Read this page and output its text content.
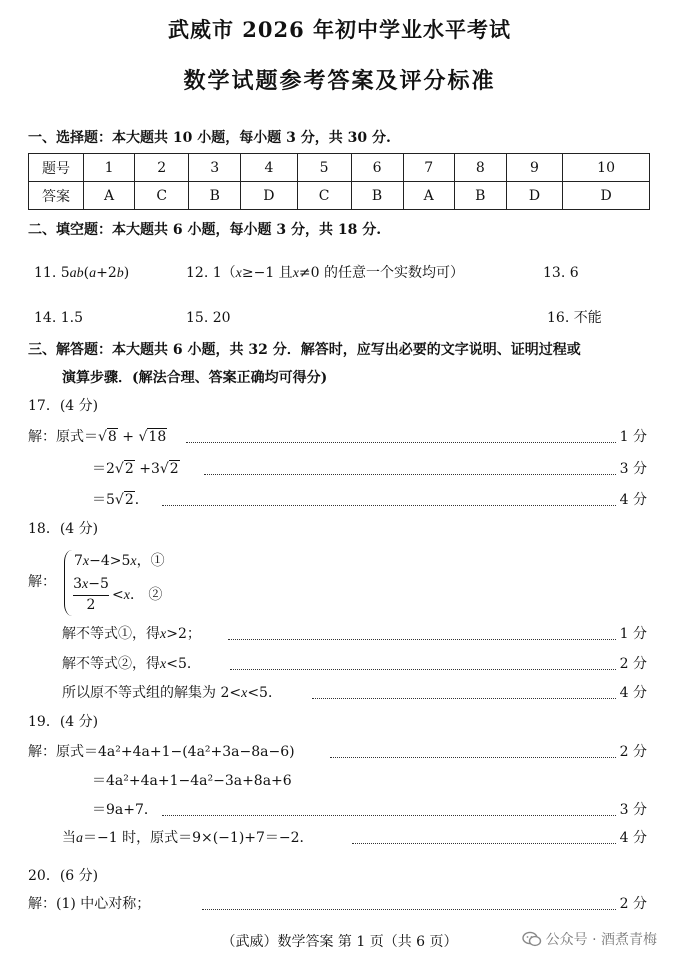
武威市 2026 年初中学业水平考试
数学试题参考答案及评分标准
一、选择题：本大题共 10 小题，每小题 3 分，共 30 分.
题号	1	2	3	4	5	6	7	8	9	10
答案	A	C	B	D	C	B	A	B	D	D
二、填空题：本大题共 6 小题，每小题 3 分，共 18 分.
11. 5ab(a+2b)	12. 1（x≥−1 且x≠0 的任意一个实数均可）	13. 6
14. 1.5	15. 20	16. 不能
三、解答题：本大题共 6 小题，共 32 分．解答时，应写出必要的文字说明、证明过程或
演算步骤．(解法合理、答案正确均可得分)
17．(4 分)
解：原式＝√8 + √18	1 分
＝2√2 +3√2	3 分
＝5√2．	4 分
18．(4 分)
解：
7x−4>5x，①
3x−5
2
<x． ②
解不等式①，得x>2；	1 分
解不等式②，得x<5．	2 分
所以原不等式组的解集为 2<x<5．	4 分
19．(4 分)
解：原式＝4a²+4a+1−(4a²+3a−8a−6)	2 分
＝4a²+4a+1−4a²−3a+8a+6
＝9a+7．	3 分
当a＝−1 时，原式＝9×(−1)+7＝−2．	4 分
20．(6 分)
解：(1) 中心对称；	2 分
（武威）数学答案 第 1 页（共 6 页）	公众号 · 酒煮青梅
